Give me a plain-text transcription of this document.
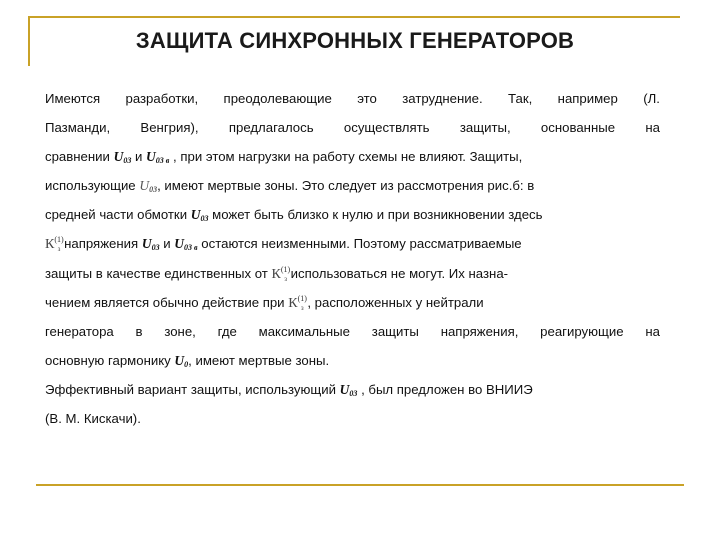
ЗАЩИТА СИНХРОННЫХ ГЕНЕРАТОРОВ
Имеются разработки, преодолевающие это затруднение. Так, например (Л.
Пазманди, Венгрия), предлагалось осуществлять защиты, основанные на
сравнении U03 и U03 в , при этом нагрузки на работу схемы не влияют. Защиты,
использующие U03, имеют мертвые зоны. Это следует из рассмотрения рис.б: в
средней части обмотки U03 может быть близко к нулю и при возникновении здесь
$К^{(1)}_з$ напряжения U03 и U03 в остаются неизменными. Поэтому рассматриваемые
защиты в качестве единственных от $К^{(1)}_з$ использоваться не могут. Их назна-
чением является обычно действие при $К^{(1)}_з$ , расположенных у нейтрали
генератора в зоне, где максимальные защиты напряжения, реагирующие на
основную гармонику U0, имеют мертвые зоны.
Эффективный вариант защиты, использующий U03 , был предложен во ВНИИЭ
(В. М. Кискачи).
